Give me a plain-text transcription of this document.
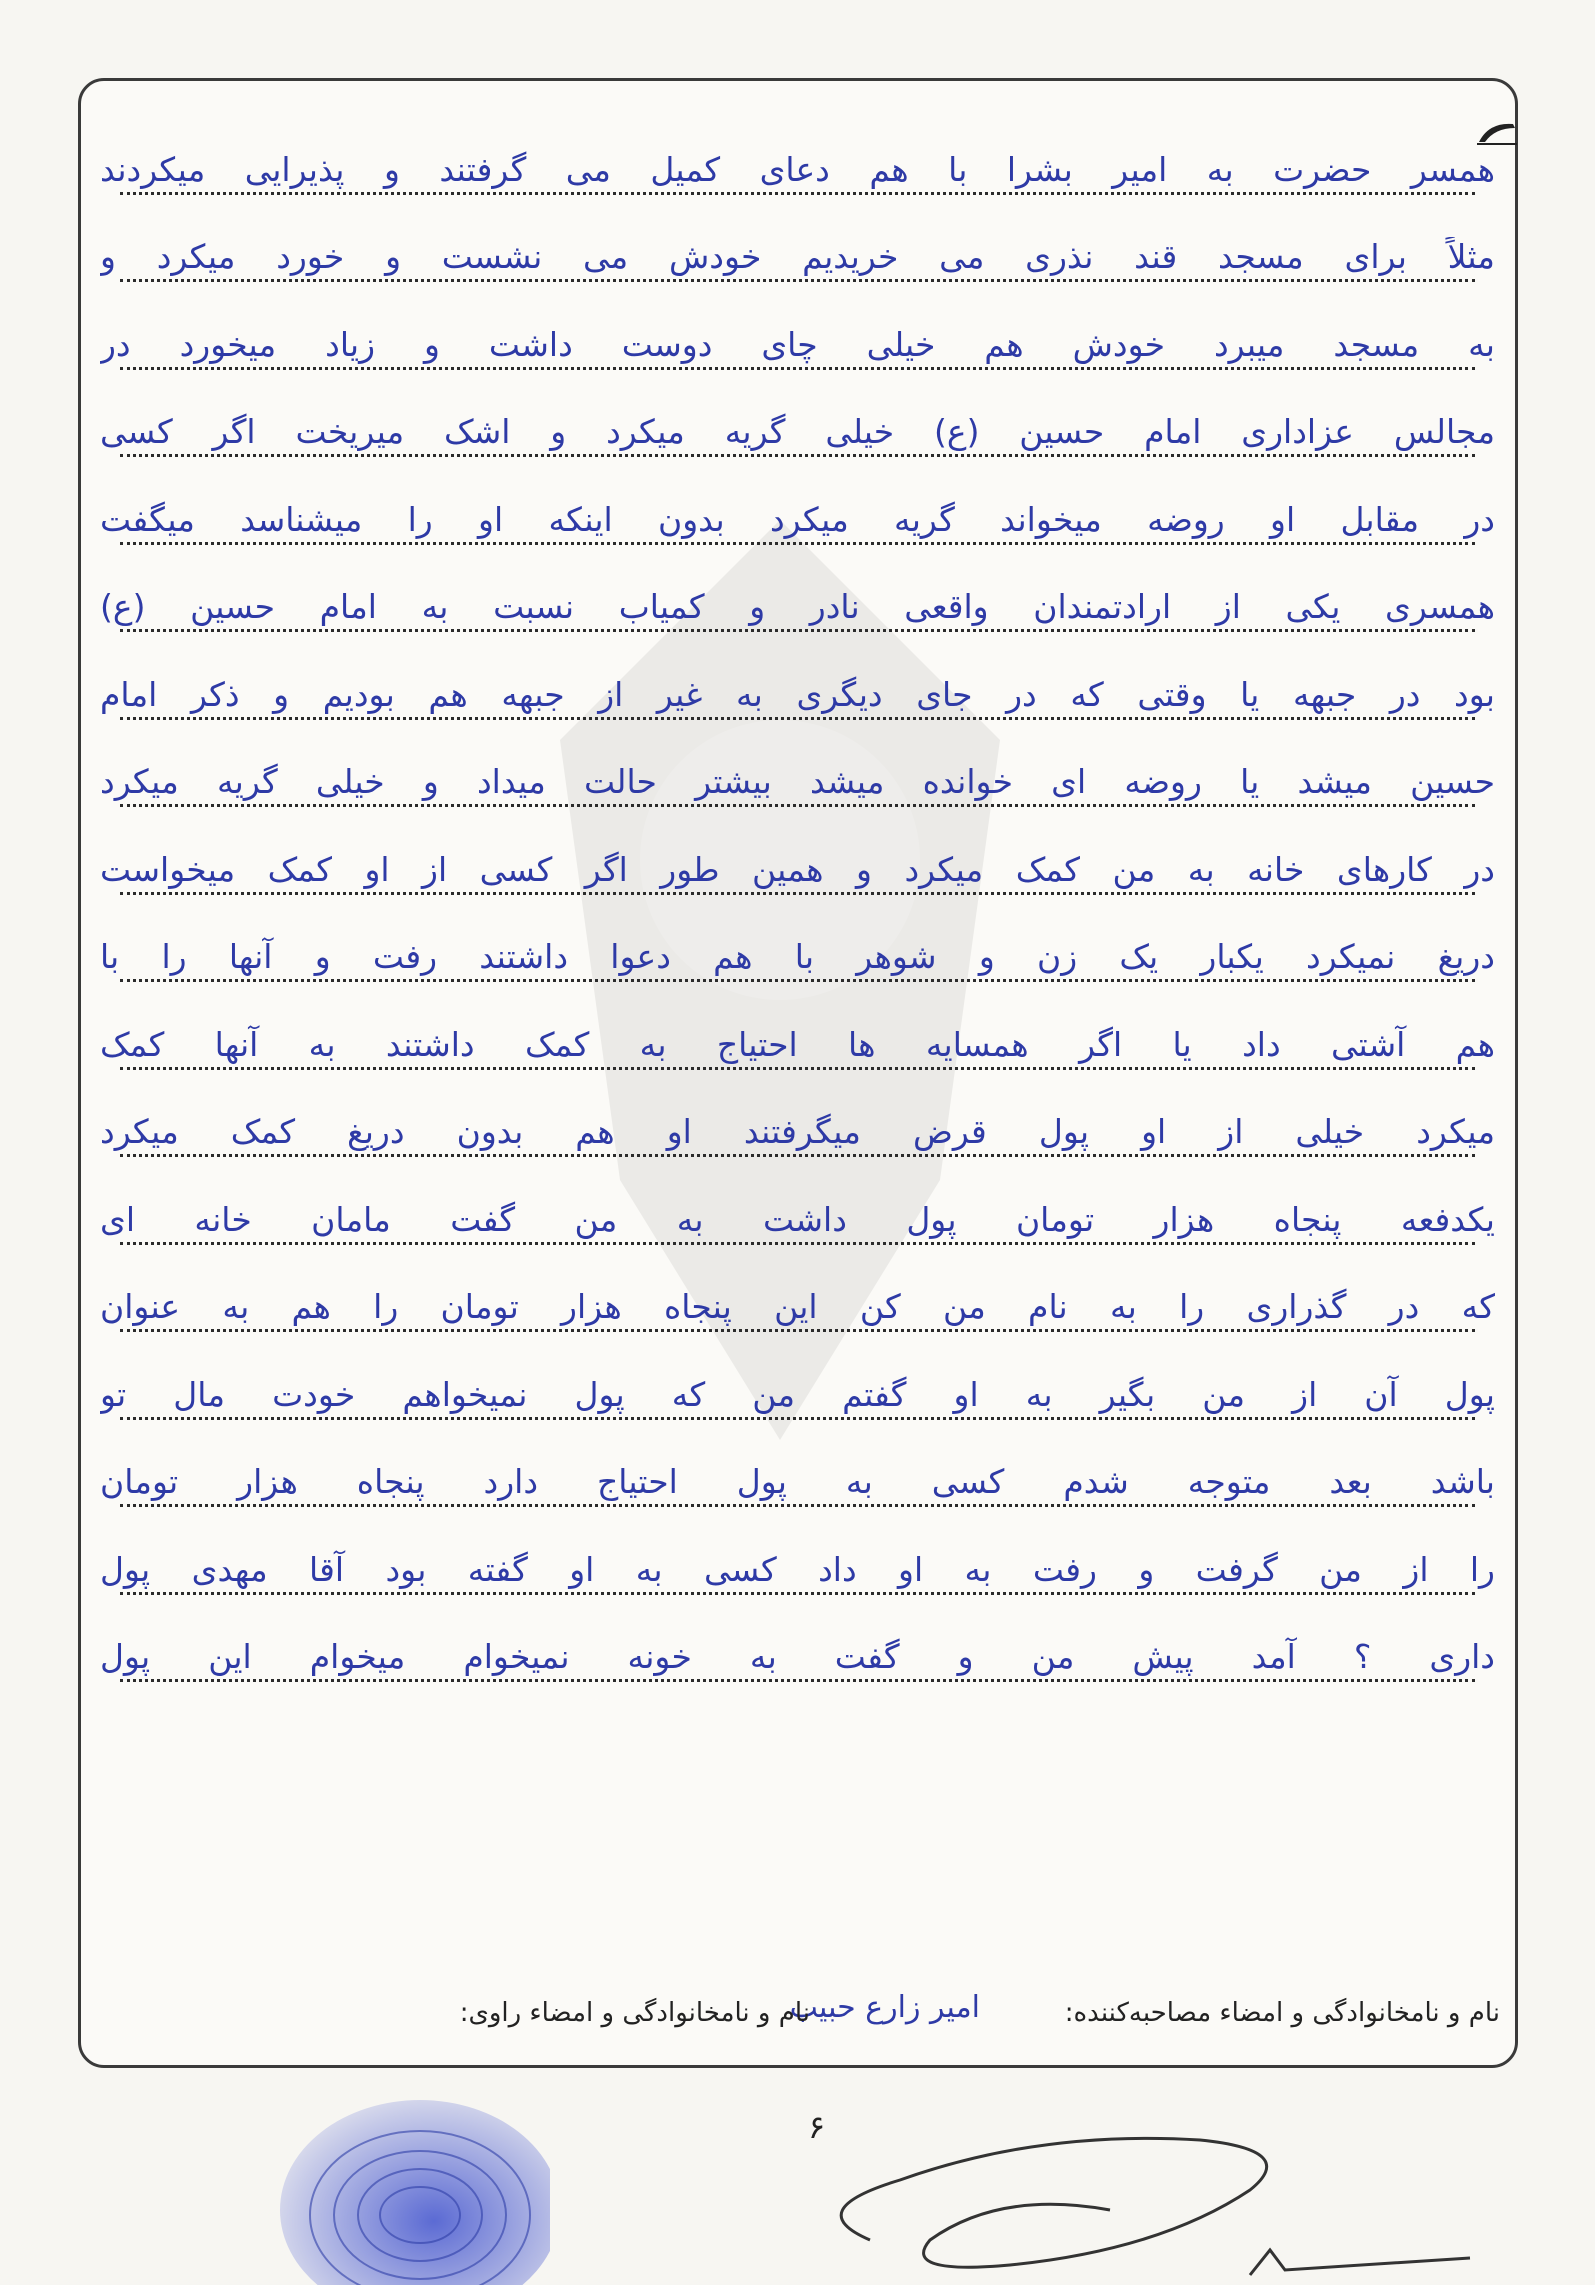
همسر حضرت به امیر بشرا با هم دعای کمیل می گرفتند و پذیرایی میکردند
مثلاً برای مسجد قند نذری می خریدیم خودش می نشست و خورد میکرد و
به مسجد میبرد خودش هم خیلی چای دوست داشت و زیاد میخورد در
مجالس عزاداری امام حسین (ع) خیلی گریه میکرد و اشک میریخت اگر کسی
در مقابل او روضه میخواند گریه میکرد بدون اینکه او را میشناسد میگفت
همسری یکی از ارادتمندان واقعی نادر و کمیاب نسبت به امام حسین (ع)
بود در جبهه یا وقتی که در جای دیگری به غیر از جبهه هم بودیم و ذکر امام
حسین میشد یا روضه ای خوانده میشد بیشتر حالت میداد و خیلی گریه میکرد
در کارهای خانه به من کمک میکرد و همین طور اگر کسی از او کمک میخواست
دریغ نمیکرد یکبار یک زن و شوهر با هم دعوا داشتند رفت و آنها را با
هم آشتی داد یا اگر همسایه ها احتیاج به کمک داشتند به آنها کمک
میکرد خیلی از او پول قرض میگرفتند او هم بدون دریغ کمک میکرد
یکدفعه پنجاه هزار تومان پول داشت به من گفت مامان خانه ای
که در گذراری را به نام من کن این پنجاه هزار تومان را هم به عنوان
پول آن از من بگیر به او گفتم من که پول نمیخواهم خودت مال تو
باشد بعد متوجه شدم کسی به پول احتیاج دارد پنجاه هزار تومان
را از من گرفت و رفت به او داد کسی به او گفته بود آقا مهدی پول
داری ؟ آمد پیش من و گفت به خونه نمیخوام میخوام این پول
نام و نامخانوادگی و امضاء مصاحبه‌کننده:
امیر زارع حبیب
نام و نامخانوادگی و امضاء راوی:
۶
